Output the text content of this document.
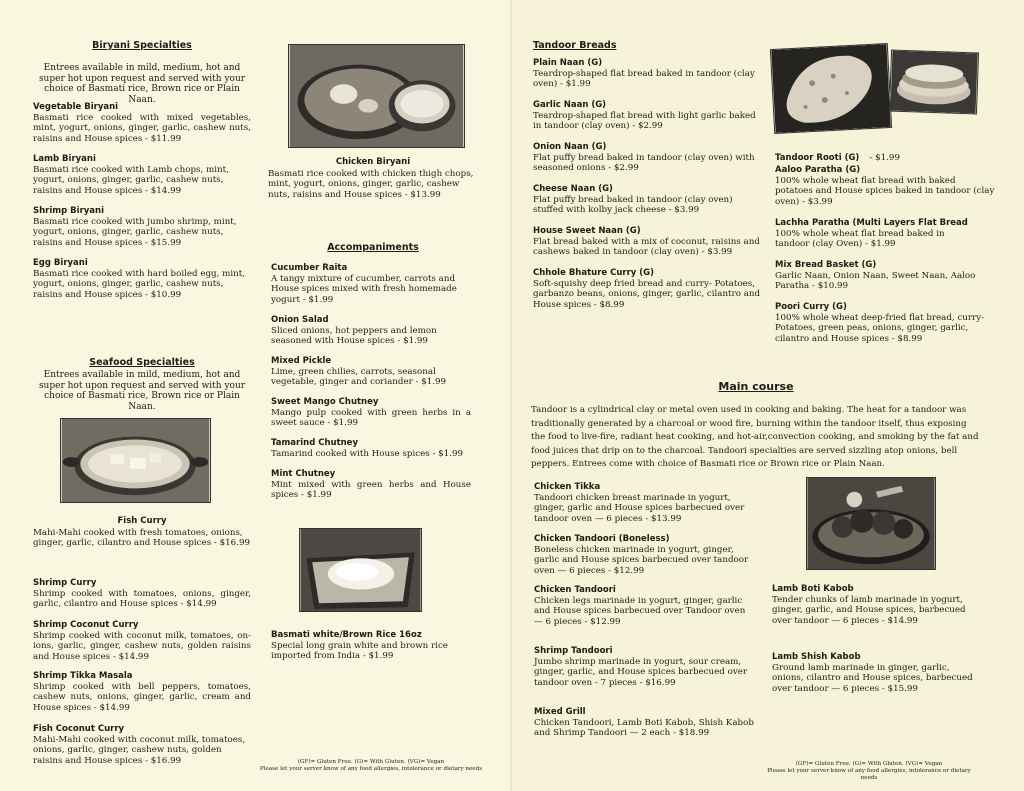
Biryani Specialties
Entrees available in mild, medium, hot and super hot upon request and served with your choice of Basmati rice, Brown rice or Plain Naan.
Vegetable Biryani
Basmati rice cooked with mixed vegetables, mint, yogurt, onions, ginger, garlic, cashew nuts, raisins and House spices - $11.99
Lamb Biryani
Basmati rice cooked with Lamb chops, mint, yogurt, onions, ginger, garlic, cashew nuts, raisins and House spices - $14.99
Shrimp Biryani
Basmati rice cooked with jumbo shrimp, mint, yogurt, onions, ginger, garlic, cashew nuts, raisins and House spices - $15.99
Egg Biryani
Basmati rice cooked with hard boiled egg, mint, yogurt, onions, ginger, garlic, cashew nuts, raisins and House spices - $10.99
Seafood Specialties
Entrees available in mild, medium, hot and super hot upon request and served with your choice of Basmati rice, Brown rice or Plain Naan.
Fish Curry
Mahi-Mahi cooked with fresh tomatoes, onions, ginger, garlic, cilantro and House spices - $16.99
Shrimp Curry
Shrimp cooked with tomatoes, onions, ginger, garlic, cilantro and House spices - $14.99
Shrimp Coconut Curry
Shrimp cooked with coconut milk, tomatoes, on-ions, garlic, ginger, cashew nuts, golden raisins and House spices - $14.99
Shrimp Tikka Masala
Shrimp cooked with bell peppers, tomatoes, cashew nuts, onions, ginger, garlic, cream and House spices - $14.99
Fish Coconut Curry
Mahi-Mahi cooked with coconut milk, tomatoes, onions, garlic, ginger, cashew nuts, golden raisins and House spices - $16.99
Chicken Biryani
Basmati rice cooked with chicken thigh chops, mint, yogurt, onions, ginger, garlic, cashew nuts, raisins and House spices - $13.99
Accompaniments
Cucumber Raita
A tangy mixture of cucumber, carrots and House spices mixed with fresh homemade yogurt - $1.99
Onion Salad
Sliced onions, hot peppers and lemon seasoned with House spices - $1.99
Mixed Pickle
Lime, green chilies, carrots, seasonal vegetable, ginger and coriander - $1.99
Sweet Mango Chutney
Mango pulp cooked with green herbs in a sweet sauce - $1.99
Tamarind Chutney
Tamarind cooked with House spices - $1.99
Mint Chutney
Mint mixed with green herbs and House spices - $1.99
Basmati white/Brown Rice 16oz
Special long grain white and brown rice imported from India - $1.99
(GF)= Gluten Free. (G)= With Gluten. (VG)= Vegan
Please let your server know of any food allergies, intolerance or dietary needs
Tandoor Breads
Plain Naan (G)
Teardrop-shaped flat bread baked in tandoor (clay oven) - $1.99
Garlic Naan (G)
Teardrop-shaped flat bread with light garlic baked in tandoor (clay oven) - $2.99
Onion Naan (G)
Flat puffy bread baked in tandoor (clay oven) with seasoned onions - $2.99
Cheese Naan (G)
Flat puffy bread baked in tandoor (clay oven) stuffed with kolby jack cheese - $3.99
House Sweet Naan (G)
Flat bread baked with a mix of coconut, raisins and cashews baked in tandoor (clay oven) - $3.99
Chhole Bhature Curry (G)
Soft-squishy deep fried bread and curry- Potatoes, garbanzo beans, onions, ginger, garlic, cilantro and House spices - $8.99
Tandoor Rooti (G) - $1.99
Aaloo Paratha (G)
100% whole wheat flat bread with baked potatoes and House spices baked in tandoor (clay oven) - $3.99
Lachha Paratha (Multi Layers Flat Bread
100% whole wheat flat bread baked in tandoor (clay Oven) - $1.99
Mix Bread Basket (G)
Garlic Naan, Onion Naan, Sweet Naan, Aaloo Paratha - $10.99
Poori Curry (G)
100% whole wheat deep-fried flat bread, curry- Potatoes, green peas, onions, ginger, garlic, cilantro and House spices - $8.99
Main course
Tandoor is a cylindrical clay or metal oven used in cooking and baking. The heat for a tandoor was traditionally generated by a charcoal or wood fire, burning within the tandoor itself, thus exposing the food to live-fire, radiant heat cooking, and hot-air,convection cooking, and smoking by the fat and food juices that drip on to the charcoal. Tandoori specialties are served sizzling atop onions, bell peppers. Entrees come with choice of Basmati rice or Brown rice or Plain Naan.
Chicken Tikka
Tandoori chicken breast marinade in yogurt, ginger, garlic and House spices barbecued over tandoor oven — 6 pieces - $13.99
Chicken Tandoori (Boneless)
Boneless chicken marinade in yogurt, ginger, garlic and House spices barbecued over tandoor oven — 6 pieces - $12.99
Chicken Tandoori
Chicken legs marinade in yogurt, ginger, garlic and House spices barbecued over Tandoor oven — 6 pieces - $12.99
Shrimp Tandoori
Jumbo shrimp marinade in yogurt, sour cream, ginger, garlic, and House spices barbecued over tandoor oven - 7 pieces - $16.99
Mixed Grill
Chicken Tandoori, Lamb Boti Kabob, Shish Kabob and Shrimp Tandoori — 2 each - $18.99
Lamb Boti Kabob
Tender chunks of lamb marinade in yogurt, ginger, garlic, and House spices, barbecued over tandoor — 6 pieces - $14.99
Lamb Shish Kabob
Ground lamb marinade in ginger, garlic, onions, cilantro and House spices, barbecued over tandoor — 6 pieces - $15.99
(GF)= Gluten Free. (G)= With Gluten. (VG)= Vegan
Please let your server know of any food allergies, intolerance or dietary needs
